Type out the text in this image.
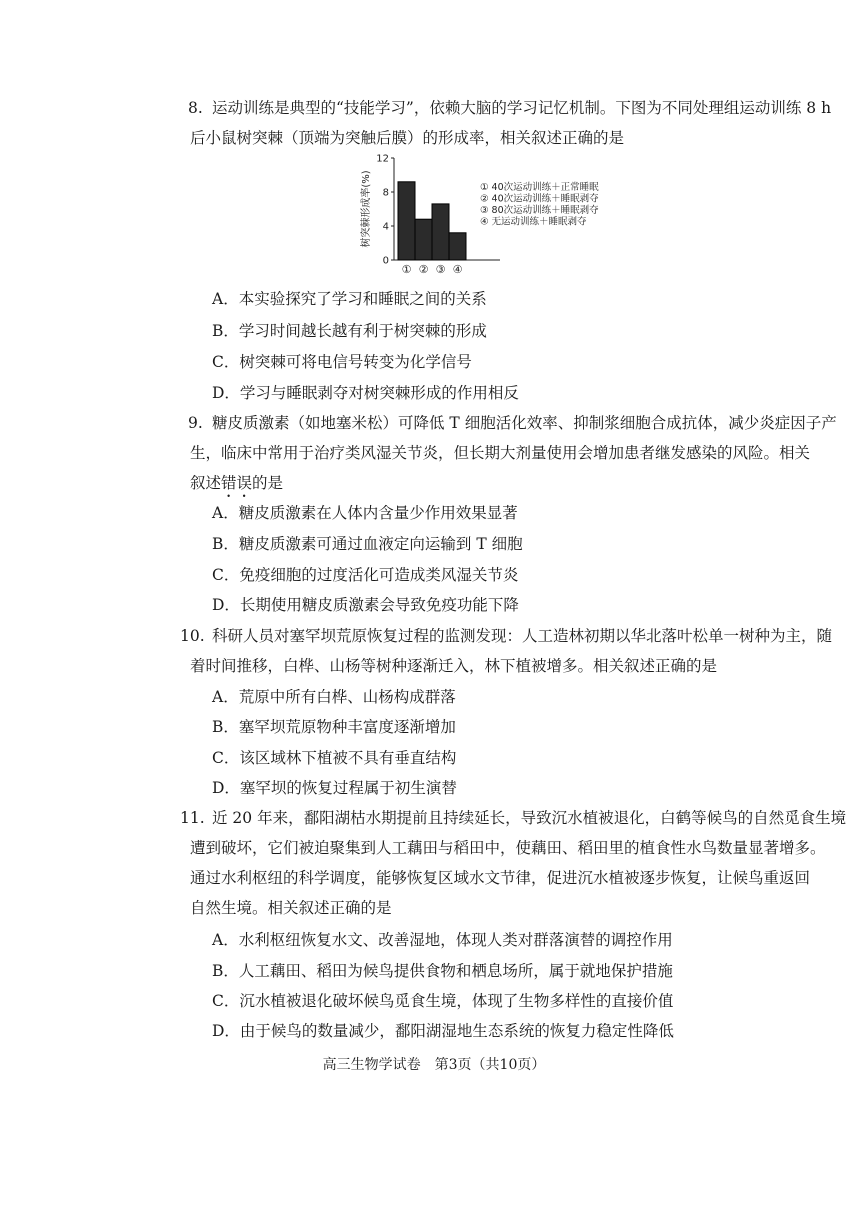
8. 运动训练是典型的“技能学习”，依赖大脑的学习记忆机制。下图为不同处理组运动训练 8 h
后小鼠树突棘（顶端为突触后膜）的形成率，相关叙述正确的是
树突棘形成率(%)
0
4
8
12
① ② ③ ④
① 40次运动训练＋正常睡眠
② 40次运动训练＋睡眠剥夺
③ 80次运动训练＋睡眠剥夺
④ 无运动训练＋睡眠剥夺
A．本实验探究了学习和睡眠之间的关系
B．学习时间越长越有利于树突棘的形成
C．树突棘可将电信号转变为化学信号
D．学习与睡眠剥夺对树突棘形成的作用相反
9. 糖皮质激素（如地塞米松）可降低 T 细胞活化效率、抑制浆细胞合成抗体，减少炎症因子产
生，临床中常用于治疗类风湿关节炎，但长期大剂量使用会增加患者继发感染的风险。相关
叙述错误的是
A．糖皮质激素在人体内含量少作用效果显著
B．糖皮质激素可通过血液定向运输到 T 细胞
C．免疫细胞的过度活化可造成类风湿关节炎
D．长期使用糖皮质激素会导致免疫功能下降
10. 科研人员对塞罕坝荒原恢复过程的监测发现：人工造林初期以华北落叶松单一树种为主，随
着时间推移，白桦、山杨等树种逐渐迁入，林下植被增多。相关叙述正确的是
A．荒原中所有白桦、山杨构成群落
B．塞罕坝荒原物种丰富度逐渐增加
C．该区域林下植被不具有垂直结构
D．塞罕坝的恢复过程属于初生演替
11. 近 20 年来，鄱阳湖枯水期提前且持续延长，导致沉水植被退化，白鹤等候鸟的自然觅食生境
遭到破坏，它们被迫聚集到人工藕田与稻田中，使藕田、稻田里的植食性水鸟数量显著增多。
通过水利枢纽的科学调度，能够恢复区域水文节律，促进沉水植被逐步恢复，让候鸟重返回
自然生境。相关叙述正确的是
A．水利枢纽恢复水文、改善湿地，体现人类对群落演替的调控作用
B．人工藕田、稻田为候鸟提供食物和栖息场所，属于就地保护措施
C．沉水植被退化破坏候鸟觅食生境，体现了生物多样性的直接价值
D．由于候鸟的数量减少，鄱阳湖湿地生态系统的恢复力稳定性降低
高三生物学试卷　第3页（共10页）
